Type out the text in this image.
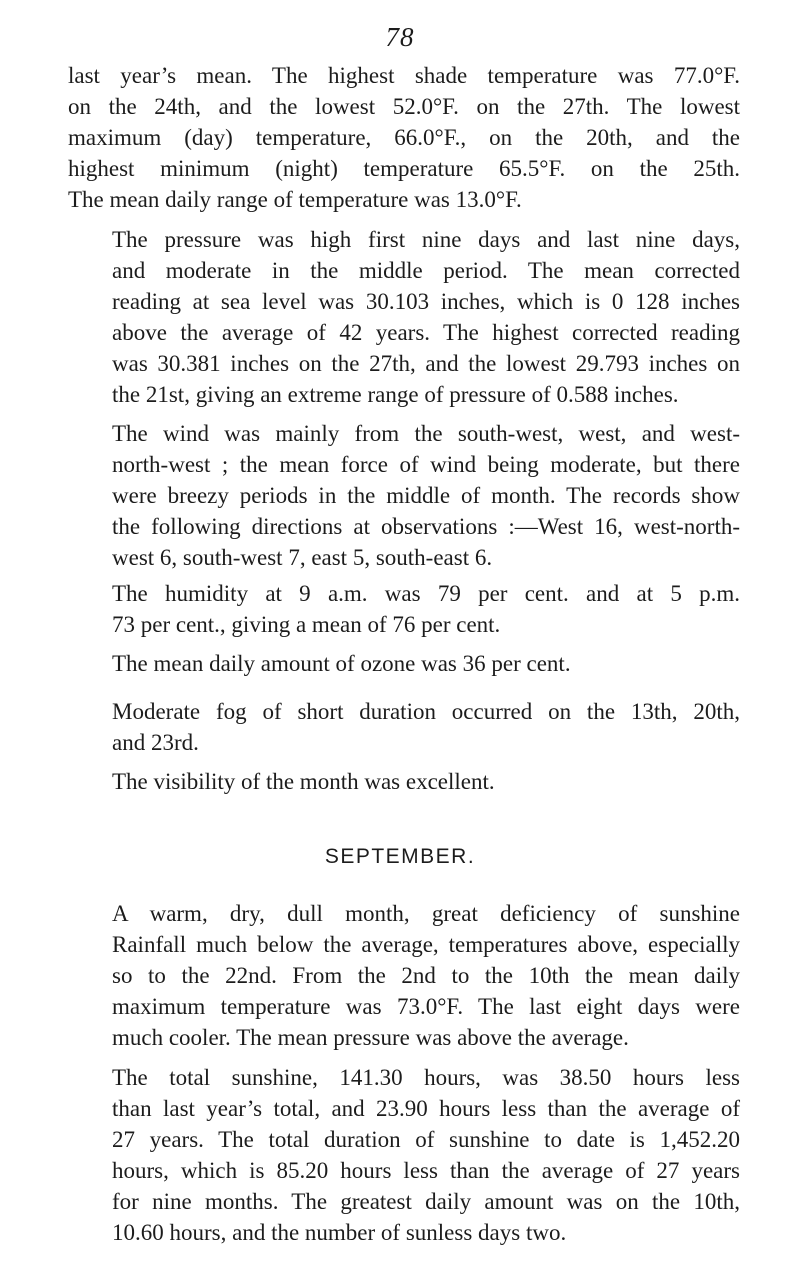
78

last year’s mean. The highest shade temperature was 77.0°F.
on the 24th, and the lowest 52.0°F. on the 27th. The lowest
maximum (day) temperature, 66.0°F., on the 20th, and the
highest minimum (night) temperature 65.5°F. on the 25th.
The mean daily range of temperature was 13.0°F.

The pressure was high first nine days and last nine days,
and moderate in the middle period. The mean corrected
reading at sea level was 30.103 inches, which is 0 128 inches
above the average of 42 years. The highest corrected reading
was 30.381 inches on the 27th, and the lowest 29.793 inches on
the 21st, giving an extreme range of pressure of 0.588 inches.

The wind was mainly from the south-west, west, and west-
north-west ; the mean force of wind being moderate, but there
were breezy periods in the middle of month. The records show
the following directions at observations :—West 16, west-north-
west 6, south-west 7, east 5, south-east 6.

The humidity at 9 a.m. was 79 per cent. and at 5 p.m.
73 per cent., giving a mean of 76 per cent.

The mean daily amount of ozone was 36 per cent.

Moderate fog of short duration occurred on the 13th, 20th,
and 23rd.

The visibility of the month was excellent.

SEPTEMBER.

A warm, dry, dull month, great deficiency of sunshine
Rainfall much below the average, temperatures above, especially
so to the 22nd. From the 2nd to the 10th the mean daily
maximum temperature was 73.0°F. The last eight days were
much cooler. The mean pressure was above the average.

The total sunshine, 141.30 hours, was 38.50 hours less
than last year’s total, and 23.90 hours less than the average of
27 years. The total duration of sunshine to date is 1,452.20
hours, which is 85.20 hours less than the average of 27 years
for nine months. The greatest daily amount was on the 10th,
10.60 hours, and the number of sunless days two.
